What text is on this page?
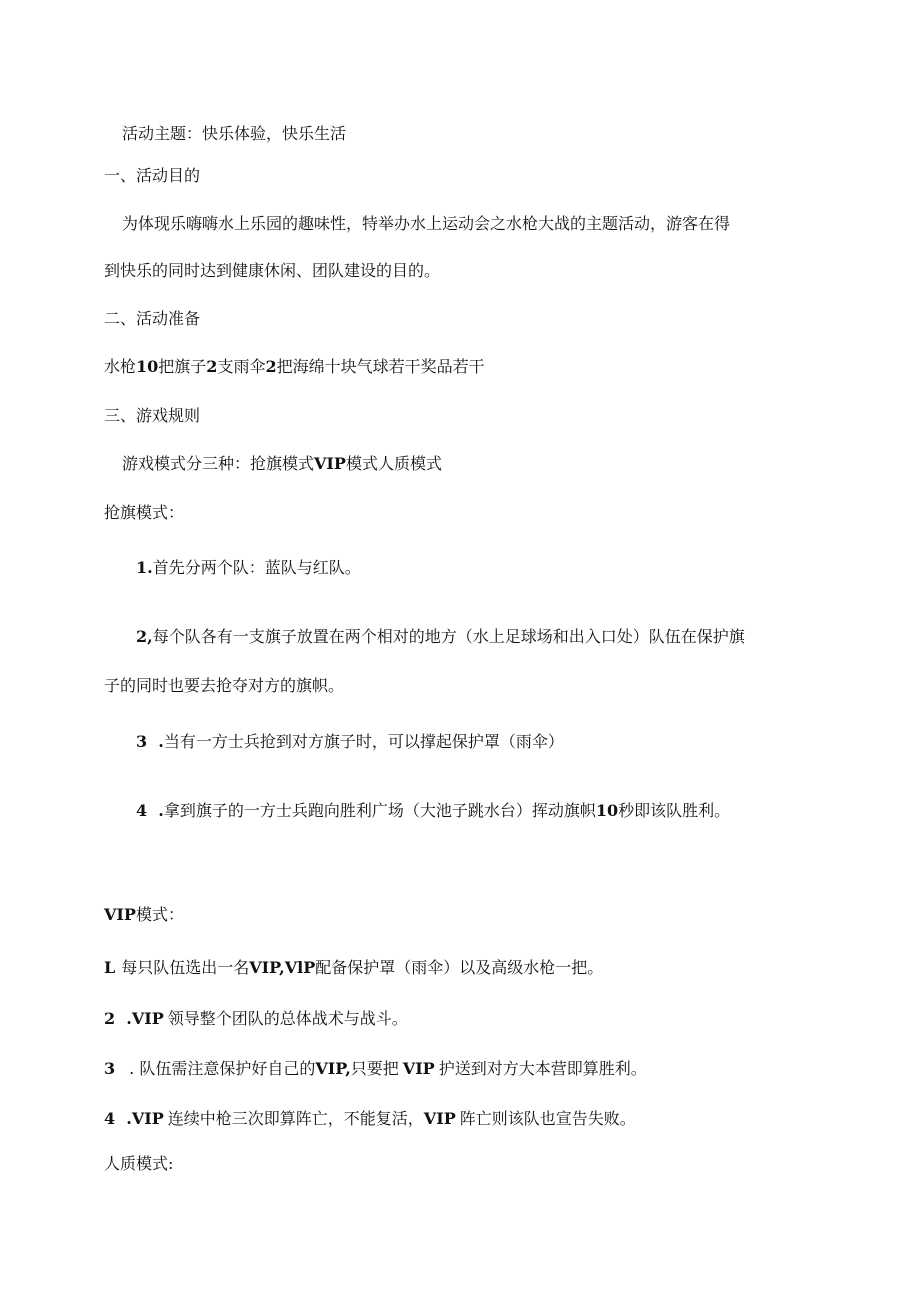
活动主题：快乐体验，快乐生活
一、活动目的
为体现乐嗨嗨水上乐园的趣味性，特举办水上运动会之水枪大战的主题活动，游客在得
到快乐的同时达到健康休闲、团队建设的目的。
二、活动准备
水枪10把旗子2支雨伞2把海绵十块气球若干奖品若干
三、游戏规则
游戏模式分三种：抢旗模式VIP模式人质模式
抢旗模式：
1.首先分两个队：蓝队与红队。
2,每个队各有一支旗子放置在两个相对的地方（水上足球场和出入口处）队伍在保护旗
子的同时也要去抢夺对方的旗帜。
3  .当有一方士兵抢到对方旗子时，可以撑起保护罩（雨伞）
4  .拿到旗子的一方士兵跑向胜利广场（大池子跳水台）挥动旗帜10秒即该队胜利。
VIP模式：
L 每只队伍选出一名VIP,VlP配备保护罩（雨伞）以及高级水枪一把。
2  .VIP 领导整个团队的总体战术与战斗。
3 . 队伍需注意保护好自己的VIP,只要把 VIP 护送到对方大本营即算胜利。
4  .VIP 连续中枪三次即算阵亡，不能复活，VIP 阵亡则该队也宣告失败。
人质模式:
